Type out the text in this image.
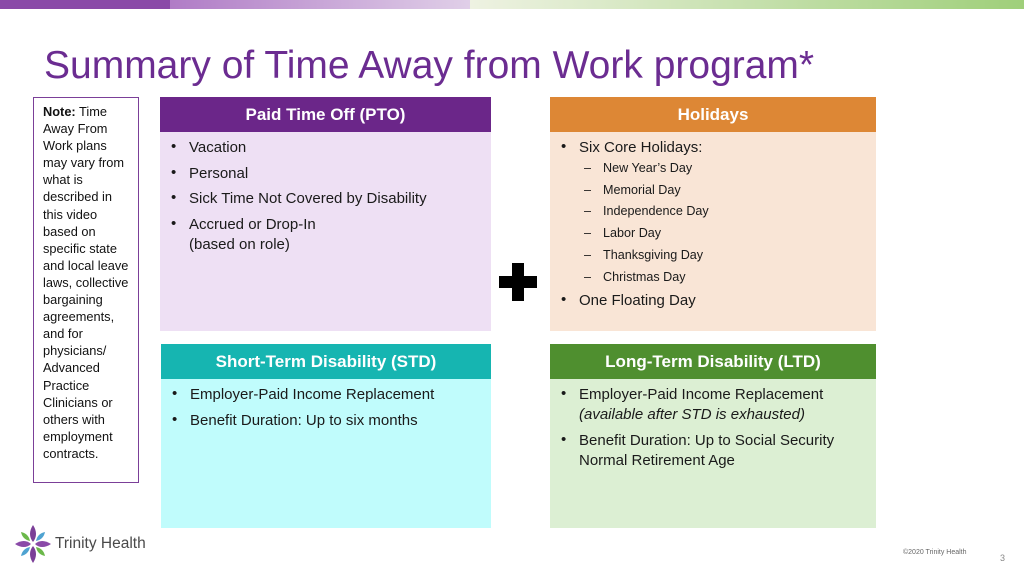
Summary of Time Away from Work program*
Note: Time Away From Work plans may vary from what is described in this video based on specific state and local leave laws, collective bargaining agreements, and for physicians/ Advanced Practice Clinicians or others with employment contracts.
Paid Time Off (PTO)
• Vacation
• Personal
• Sick Time Not Covered by Disability
• Accrued or Drop-In
(based on role)
Holidays
• Six Core Holidays:
– New Year’s Day
– Memorial Day
– Independence Day
– Labor Day
– Thanksgiving Day
– Christmas Day
• One Floating Day
Short-Term Disability (STD)
• Employer-Paid Income Replacement
• Benefit Duration: Up to six months
Long-Term Disability (LTD)
• Employer-Paid Income Replacement
(available after STD is exhausted)
• Benefit Duration: Up to Social Security Normal Retirement Age
Trinity Health
©2020 Trinity Health
3
